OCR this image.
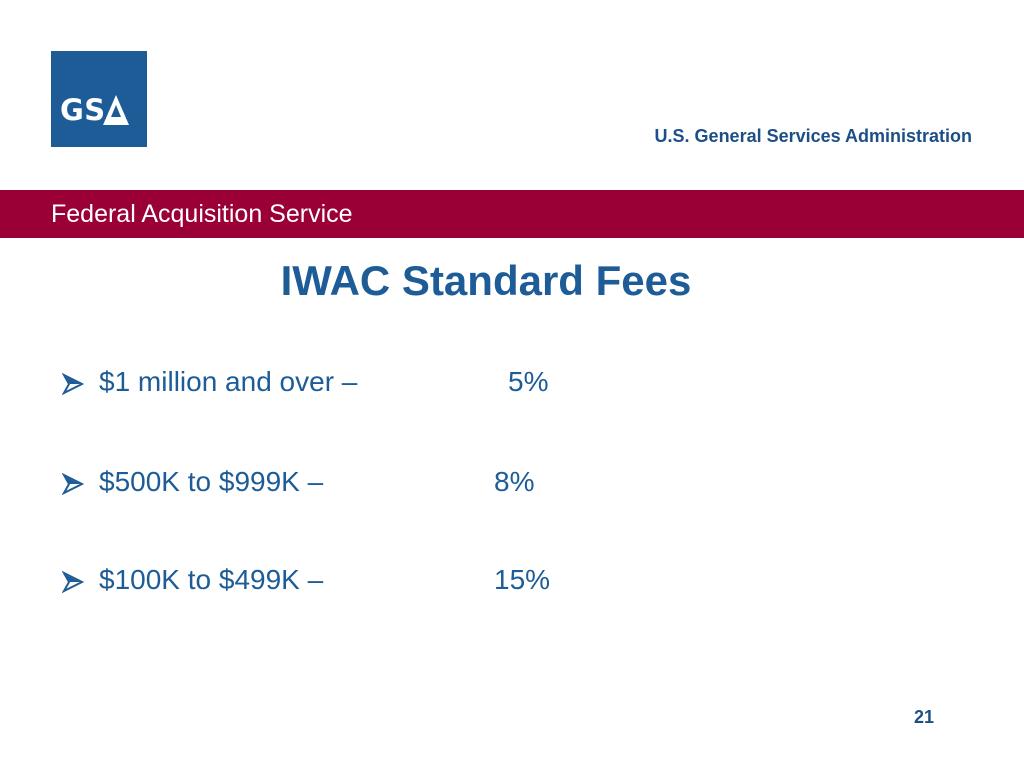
GS
U.S. General Services Administration
Federal Acquisition Service
IWAC Standard Fees
$1 million and over –	5%
$500K to $999K –	8%
$100K to $499K –	15%
21
